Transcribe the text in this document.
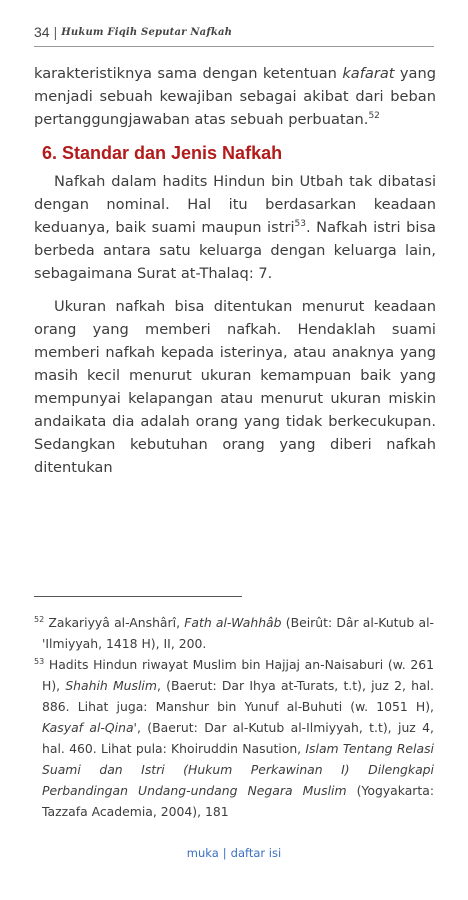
34 | Hukum Fiqih Seputar Nafkah

karakteristiknya sama dengan ketentuan kafarat yang menjadi sebuah kewajiban sebagai akibat dari beban pertanggungjawaban atas sebuah perbuatan.$^{52}$

6. Standar dan Jenis Nafkah

Nafkah dalam hadits Hindun bin Utbah tak dibatasi dengan nominal. Hal itu berdasarkan keadaan keduanya, baik suami maupun istri$^{53}$. Nafkah istri bisa berbeda antara satu keluarga dengan keluarga lain, sebagaimana Surat at-Thalaq: 7.

Ukuran nafkah bisa ditentukan menurut keadaan orang yang memberi nafkah. Hendaklah suami memberi nafkah kepada isterinya, atau anaknya yang masih kecil menurut ukuran kemampuan baik yang mempunyai kelapangan atau menurut ukuran miskin andaikata dia adalah orang yang tidak berkecukupan. Sedangkan kebutuhan orang yang diberi nafkah ditentukan

$^{52}$ Zakariyyâ al-Anshârî, Fath al-Wahhâb (Beirût: Dâr al-Kutub al-'Ilmiyyah, 1418 H), II, 200.

$^{53}$ Hadits Hindun riwayat Muslim bin Hajjaj an-Naisaburi (w. 261 H), Shahih Muslim, (Baerut: Dar Ihya at-Turats, t.t), juz 2, hal. 886. Lihat juga: Manshur bin Yunuf al-Buhuti (w. 1051 H), Kasyaf al-Qina', (Baerut: Dar al-Kutub al-Ilmiyyah, t.t), juz 4, hal. 460. Lihat pula: Khoiruddin Nasution, Islam Tentang Relasi Suami dan Istri (Hukum Perkawinan I) Dilengkapi Perbandingan Undang-undang Negara Muslim (Yogyakarta: Tazzafa Academia, 2004), 181

muka | daftar isi
